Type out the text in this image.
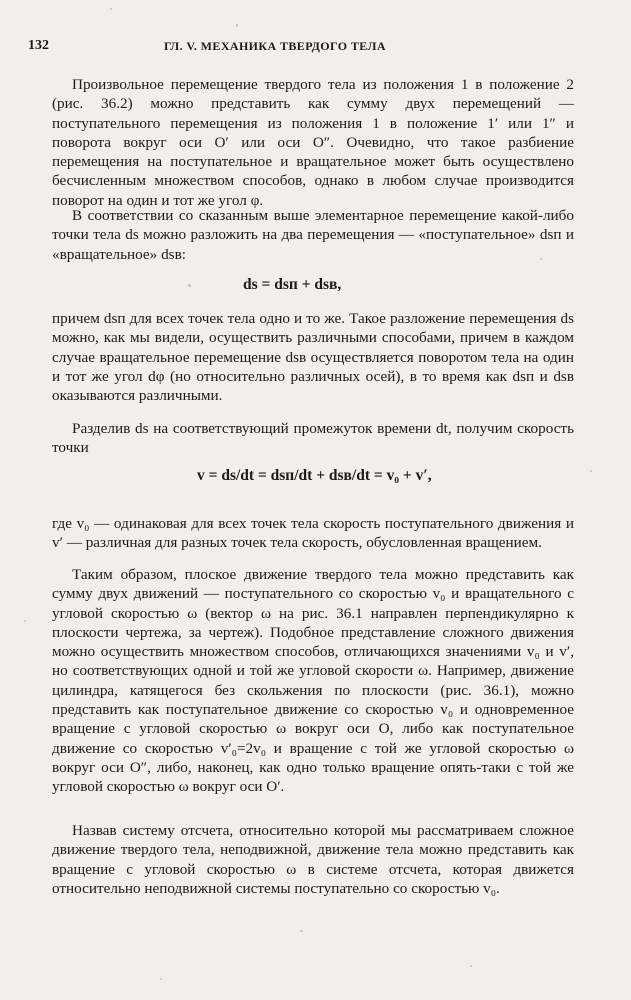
132	ГЛ. V. МЕХАНИКА ТВЕРДОГО ТЕЛА

Произвольное перемещение твердого тела из положения 1 в положение 2 (рис. 36.2) можно представить как сумму двух перемещений — поступательного перемещения из положения 1 в положение 1′ или 1″ и поворота вокруг оси O′ или оси O″. Очевидно, что такое разбиение перемещения на поступательное и вращательное может быть осуществлено бесчисленным множеством способов, однако в любом случае производится поворот на один и тот же угол φ.

В соответствии со сказанным выше элементарное перемещение какой-либо точки тела ds можно разложить на два перемещения — «поступательное» dsп и «вращательное» dsв:

ds = dsп + dsв,

причем dsп для всех точек тела одно и то же. Такое разложение перемещения ds можно, как мы видели, осуществить различными способами, причем в каждом случае вращательное перемещение dsв осуществляется поворотом тела на один и тот же угол dφ (но относительно различных осей), в то время как dsп и dsв оказываются различными.

Разделив ds на соответствующий промежуток времени dt, получим скорость точки

v = ds/dt = dsп/dt + dsв/dt = v₀ + v′,

где v₀ — одинаковая для всех точек тела скорость поступательного движения и v′ — различная для разных точек тела скорость, обусловленная вращением.

Таким образом, плоское движение твердого тела можно представить как сумму двух движений — поступательного со скоростью v₀ и вращательного с угловой скоростью ω (вектор ω на рис. 36.1 направлен перпендикулярно к плоскости чертежа, за чертеж). Подобное представление сложного движения можно осуществить множеством способов, отличающихся значениями v₀ и v′, но соответствующих одной и той же угловой скорости ω. Например, движение цилиндра, катящегося без скольжения по плоскости (рис. 36.1), можно представить как поступательное движение со скоростью v₀ и одновременное вращение с угловой скоростью ω вокруг оси O, либо как поступательное движение со скоростью v′₀=2v₀ и вращение с той же угловой скоростью ω вокруг оси O″, либо, наконец, как одно только вращение опять-таки с той же угловой скоростью ω вокруг оси O′.

Назвав систему отсчета, относительно которой мы рассматриваем сложное движение твердого тела, неподвижной, движение тела можно представить как вращение с угловой скоростью ω в системе отсчета, которая движется относительно неподвижной системы поступательно со скоростью v₀.
